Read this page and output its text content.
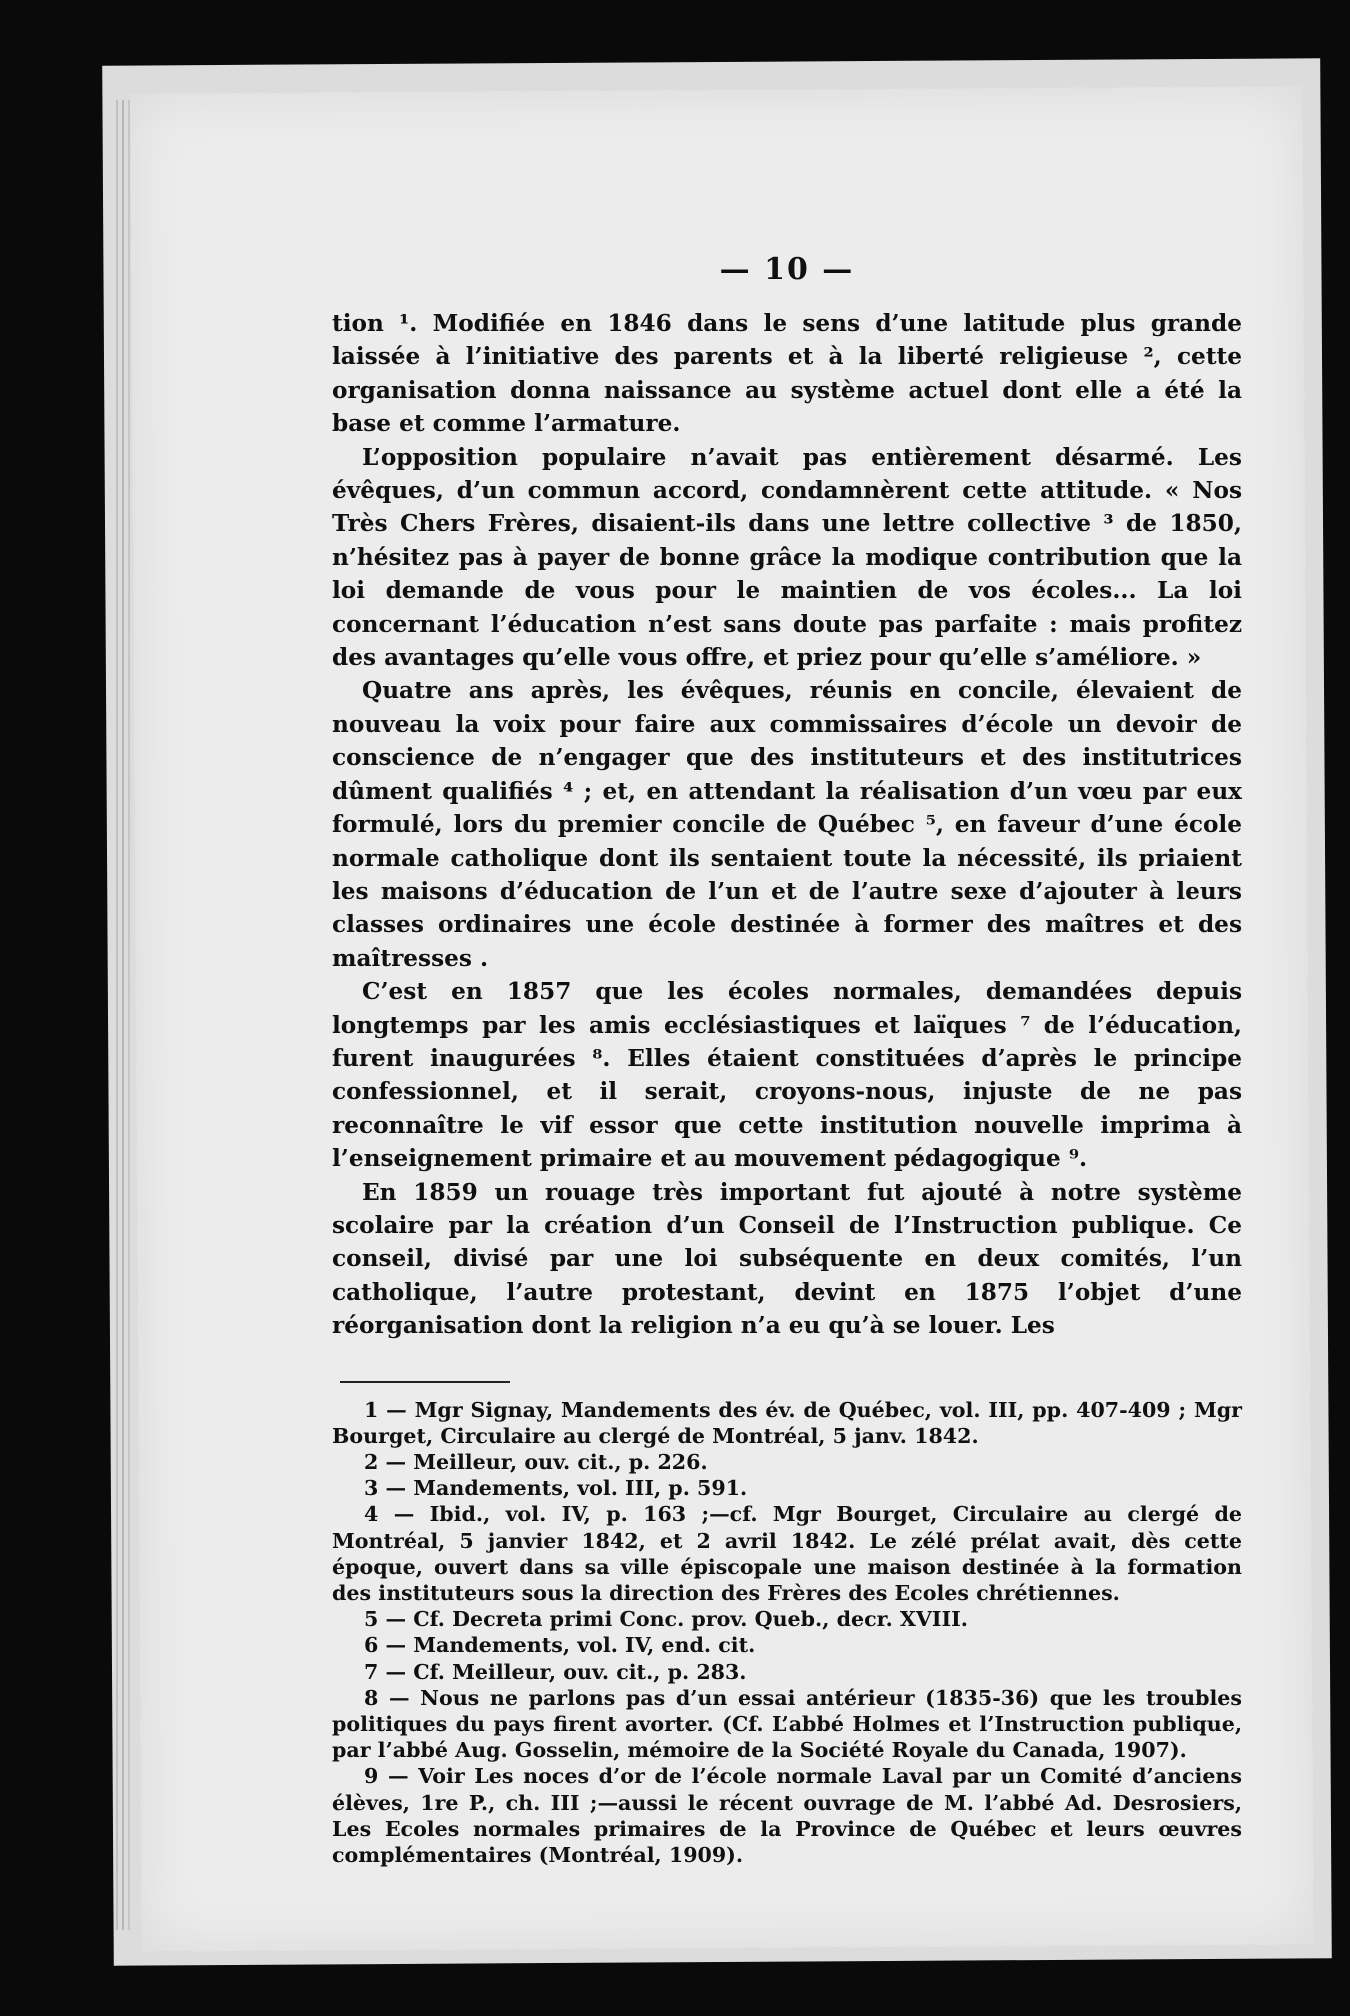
— 10 —

tion ¹. Modifiée en 1846 dans le sens d’une latitude plus grande laissée à l’initiative des parents et à la liberté religieuse ², cette organisation donna naissance au système actuel dont elle a été la base et comme l’armature.

L’opposition populaire n’avait pas entièrement désarmé. Les évêques, d’un commun accord, condamnèrent cette attitude. « Nos Très Chers Frères, disaient-ils dans une lettre collective ³ de 1850, n’hésitez pas à payer de bonne grâce la modique contribution que la loi demande de vous pour le maintien de vos écoles... La loi concernant l’éducation n’est sans doute pas parfaite : mais profitez des avantages qu’elle vous offre, et priez pour qu’elle s’améliore. »

Quatre ans après, les évêques, réunis en concile, élevaient de nouveau la voix pour faire aux commissaires d’école un devoir de conscience de n’engager que des instituteurs et des institutrices dûment qualifiés ⁴ ; et, en attendant la réalisation d’un vœu par eux formulé, lors du premier concile de Québec ⁵, en faveur d’une école normale catholique dont ils sentaient toute la nécessité, ils priaient les maisons d’éducation de l’un et de l’autre sexe d’ajouter à leurs classes ordinaires une école destinée à former des maîtres et des maîtresses .

C’est en 1857 que les écoles normales, demandées depuis longtemps par les amis ecclésiastiques et laïques ⁷ de l’éducation, furent inaugurées ⁸. Elles étaient constituées d’après le principe confessionnel, et il serait, croyons-nous, injuste de ne pas reconnaître le vif essor que cette institution nouvelle imprima à l’enseignement primaire et au mouvement pédagogique ⁹.

En 1859 un rouage très important fut ajouté à notre système scolaire par la création d’un Conseil de l’Instruction publique. Ce conseil, divisé par une loi subséquente en deux comités, l’un catholique, l’autre protestant, devint en 1875 l’objet d’une réorganisation dont la religion n’a eu qu’à se louer. Les

1 — Mgr Signay, Mandements des év. de Québec, vol. III, pp. 407-409 ; Mgr Bourget, Circulaire au clergé de Montréal, 5 janv. 1842.

2 — Meilleur, ouv. cit., p. 226.

3 — Mandements, vol. III, p. 591.

4 — Ibid., vol. IV, p. 163 ;—cf. Mgr Bourget, Circulaire au clergé de Montréal, 5 janvier 1842, et 2 avril 1842. Le zélé prélat avait, dès cette époque, ouvert dans sa ville épiscopale une maison destinée à la formation des instituteurs sous la direction des Frères des Ecoles chrétiennes.

5 — Cf. Decreta primi Conc. prov. Queb., decr. XVIII.

6 — Mandements, vol. IV, end. cit.

7 — Cf. Meilleur, ouv. cit., p. 283.

8 — Nous ne parlons pas d’un essai antérieur (1835-36) que les troubles politiques du pays firent avorter. (Cf. L’abbé Holmes et l’Instruction publique, par l’abbé Aug. Gosselin, mémoire de la Société Royale du Canada, 1907).

9 — Voir Les noces d’or de l’école normale Laval par un Comité d’anciens élèves, 1re P., ch. III ;—aussi le récent ouvrage de M. l’abbé Ad. Desrosiers, Les Ecoles normales primaires de la Province de Québec et leurs œuvres complémentaires (Montréal, 1909).
